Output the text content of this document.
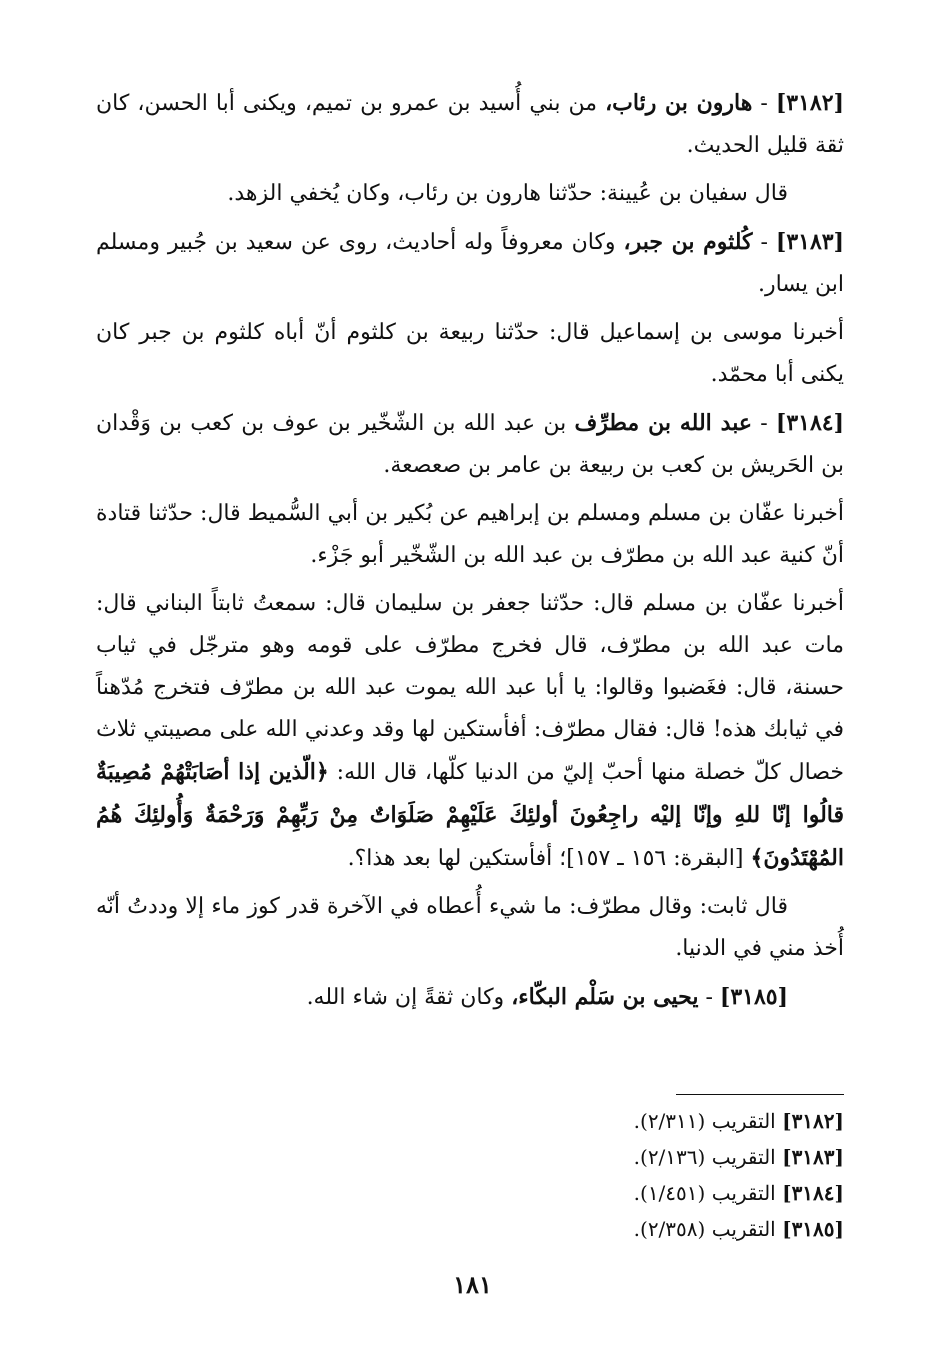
[٣١٨٢] - هارون بن رئاب، من بني أُسيد بن عمرو بن تميم، ويكنى أبا الحسن، كان ثقة قليل الحديث.

قال سفيان بن عُيينة: حدّثنا هارون بن رئاب، وكان يُخفي الزهد.

[٣١٨٣] - كُلثوم بن جبر، وكان معروفاً وله أحاديث، روى عن سعيد بن جُبير ومسلم ابن يسار.

أخبرنا موسى بن إسماعيل قال: حدّثنا ربيعة بن كلثوم أنّ أباه كلثوم بن جبر كان يكنى أبا محمّد.

[٣١٨٤] - عبد الله بن مطرِّف بن عبد الله بن الشّخّير بن عوف بن كعب بن وَقْدان بن الحَريش بن كعب بن ربيعة بن عامر بن صعصعة.

أخبرنا عفّان بن مسلم ومسلم بن إبراهيم عن بُكير بن أبي السُّميط قال: حدّثنا قتادة أنّ كنية عبد الله بن مطرّف بن عبد الله بن الشّخّير أبو جَزْء.

أخبرنا عفّان بن مسلم قال: حدّثنا جعفر بن سليمان قال: سمعتُ ثابتاً البناني قال: مات عبد الله بن مطرّف، قال فخرج مطرّف على قومه وهو مترجّل في ثياب حسنة، قال: فغَضبوا وقالوا: يا أبا عبد الله يموت عبد الله بن مطرّف فتخرج مُدّهناً في ثيابك هذه! قال: فقال مطرّف: أفأستكين لها وقد وعدني الله على مصيبتي ثلاث خصال كلّ خصلة منها أحبّ إليّ من الدنيا كلّها، قال الله: ﴿الّذين إذا أصَابَتْهُمْ مُصِيبَةٌ قالُوا إنّا للهِ وإنّا إليْه راجِعُونَ أولئِكَ عَلَيْهِمْ صَلَوَاتٌ مِنْ رَبِّهِمْ وَرَحْمَةٌ وَأُولئِكَ هُمُ المُهْتَدُونَ﴾ [البقرة: ١٥٦ ـ ١٥٧]؛ أفأستكين لها بعد هذا؟.

قال ثابت: وقال مطرّف: ما شيء أُعطاه في الآخرة قدر كوز ماء إلا وددتُ أنّه أُخذ مني في الدنيا.

[٣١٨٥] - يحيى بن سَلْم البكّاء، وكان ثقةً إن شاء الله.

[٣١٨٢] التقريب (٢/٣١١).

[٣١٨٣] التقريب (٢/١٣٦).

[٣١٨٤] التقريب (١/٤٥١).

[٣١٨٥] التقريب (٢/٣٥٨).

١٨١
